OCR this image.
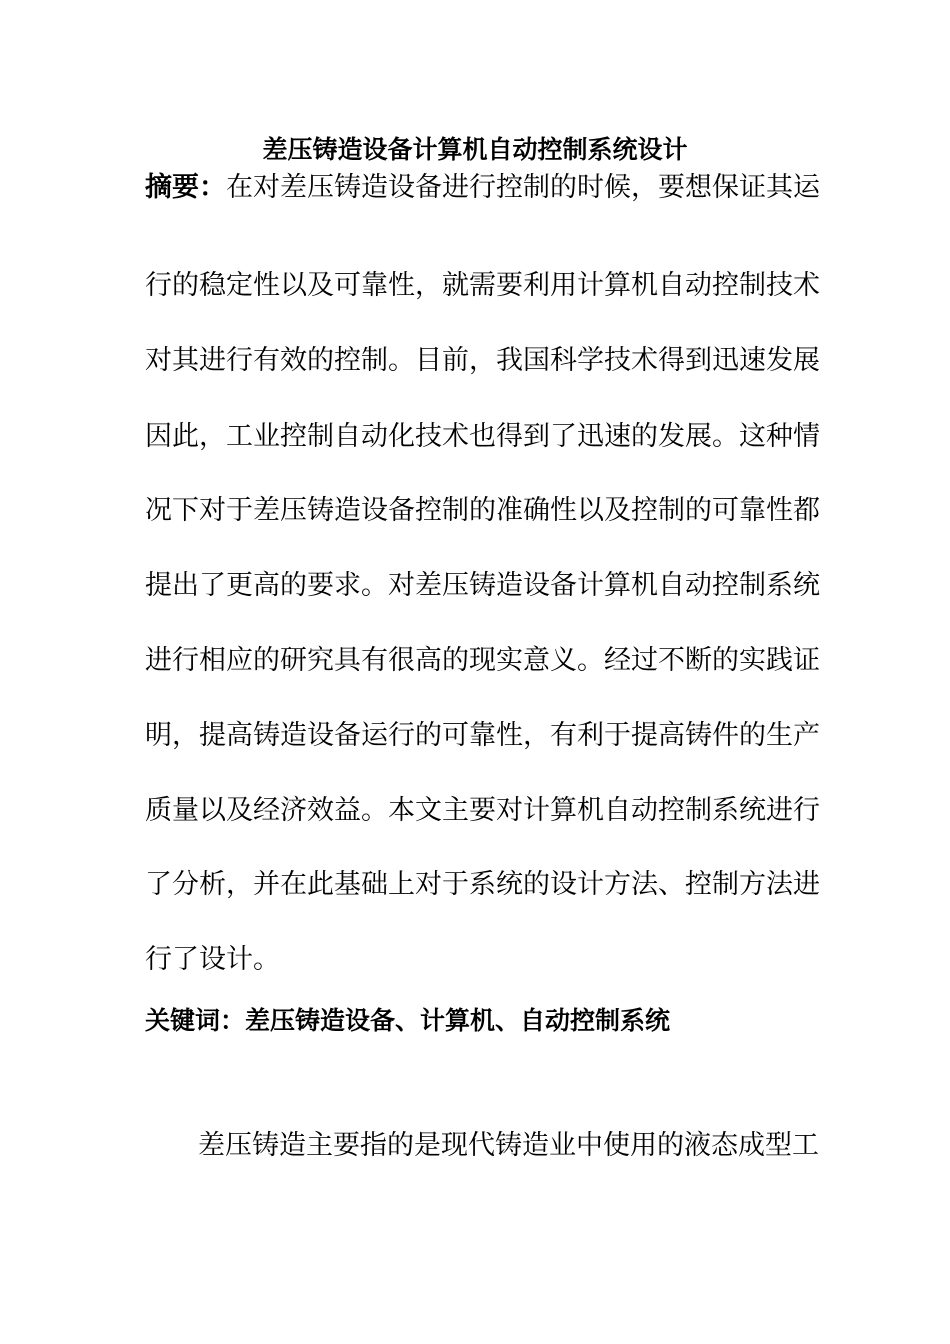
差压铸造设备计算机自动控制系统设计
摘要：在对差压铸造设备进行控制的时候，要想保证其运
行的稳定性以及可靠性，就需要利用计算机自动控制技术
对其进行有效的控制。目前，我国科学技术得到迅速发展
因此，工业控制自动化技术也得到了迅速的发展。这种情
况下对于差压铸造设备控制的准确性以及控制的可靠性都
提出了更高的要求。对差压铸造设备计算机自动控制系统
进行相应的研究具有很高的现实意义。经过不断的实践证
明，提高铸造设备运行的可靠性，有利于提高铸件的生产
质量以及经济效益。本文主要对计算机自动控制系统进行
了分析，并在此基础上对于系统的设计方法、控制方法进
行了设计。
关键词：差压铸造设备、计算机、自动控制系统
差压铸造主要指的是现代铸造业中使用的液态成型工
